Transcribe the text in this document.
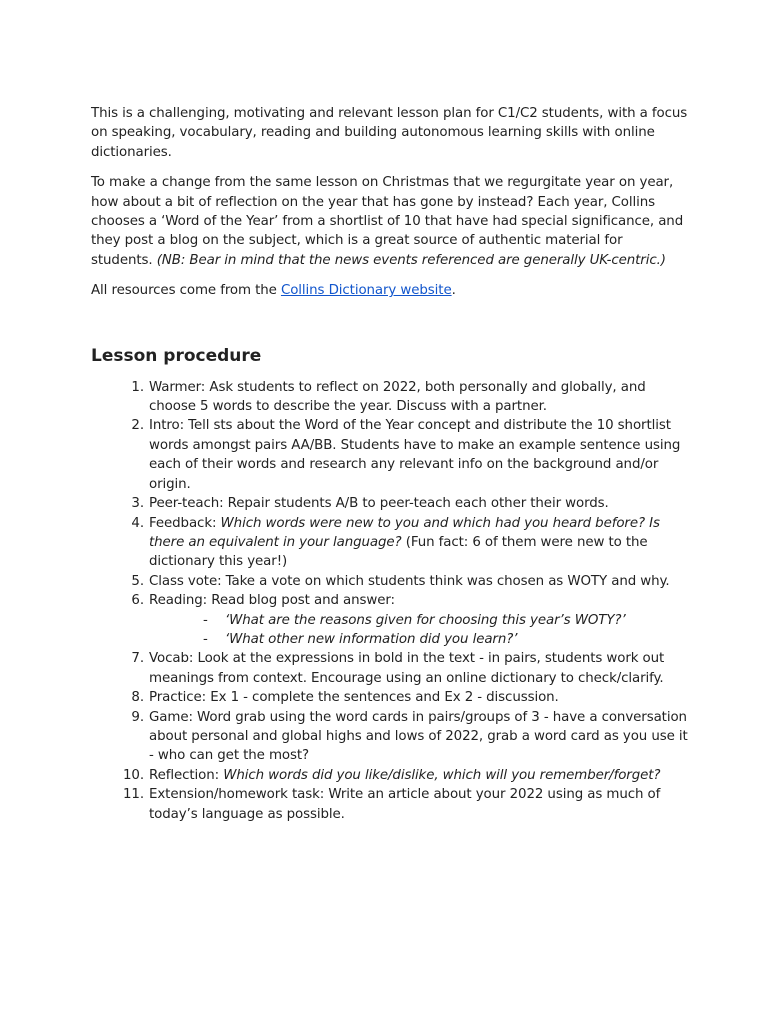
This is a challenging, motivating and relevant lesson plan for C1/C2 students, with a focus on speaking, vocabulary, reading and building autonomous learning skills with online dictionaries.

To make a change from the same lesson on Christmas that we regurgitate year on year, how about a bit of reflection on the year that has gone by instead? Each year, Collins chooses a ‘Word of the Year’ from a shortlist of 10 that have had special significance, and they post a blog on the subject, which is a great source of authentic material for students. (NB: Bear in mind that the news events referenced are generally UK-centric.)

All resources come from the Collins Dictionary website.

Lesson procedure
1. Warmer: Ask students to reflect on 2022, both personally and globally, and choose 5 words to describe the year. Discuss with a partner.
2. Intro: Tell sts about the Word of the Year concept and distribute the 10 shortlist words amongst pairs AA/BB. Students have to make an example sentence using each of their words and research any relevant info on the background and/or origin.
3. Peer-teach: Repair students A/B to peer-teach each other their words.
4. Feedback: Which words were new to you and which had you heard before? Is there an equivalent in your language? (Fun fact: 6 of them were new to the dictionary this year!)
5. Class vote: Take a vote on which students think was chosen as WOTY and why.
6. Reading: Read blog post and answer:
- ‘What are the reasons given for choosing this year’s WOTY?’
- ‘What other new information did you learn?’
7. Vocab: Look at the expressions in bold in the text - in pairs, students work out meanings from context. Encourage using an online dictionary to check/clarify.
8. Practice: Ex 1 - complete the sentences and Ex 2 - discussion.
9. Game: Word grab using the word cards in pairs/groups of 3 - have a conversation about personal and global highs and lows of 2022, grab a word card as you use it - who can get the most?
10. Reflection: Which words did you like/dislike, which will you remember/forget?
11. Extension/homework task: Write an article about your 2022 using as much of today’s language as possible.
